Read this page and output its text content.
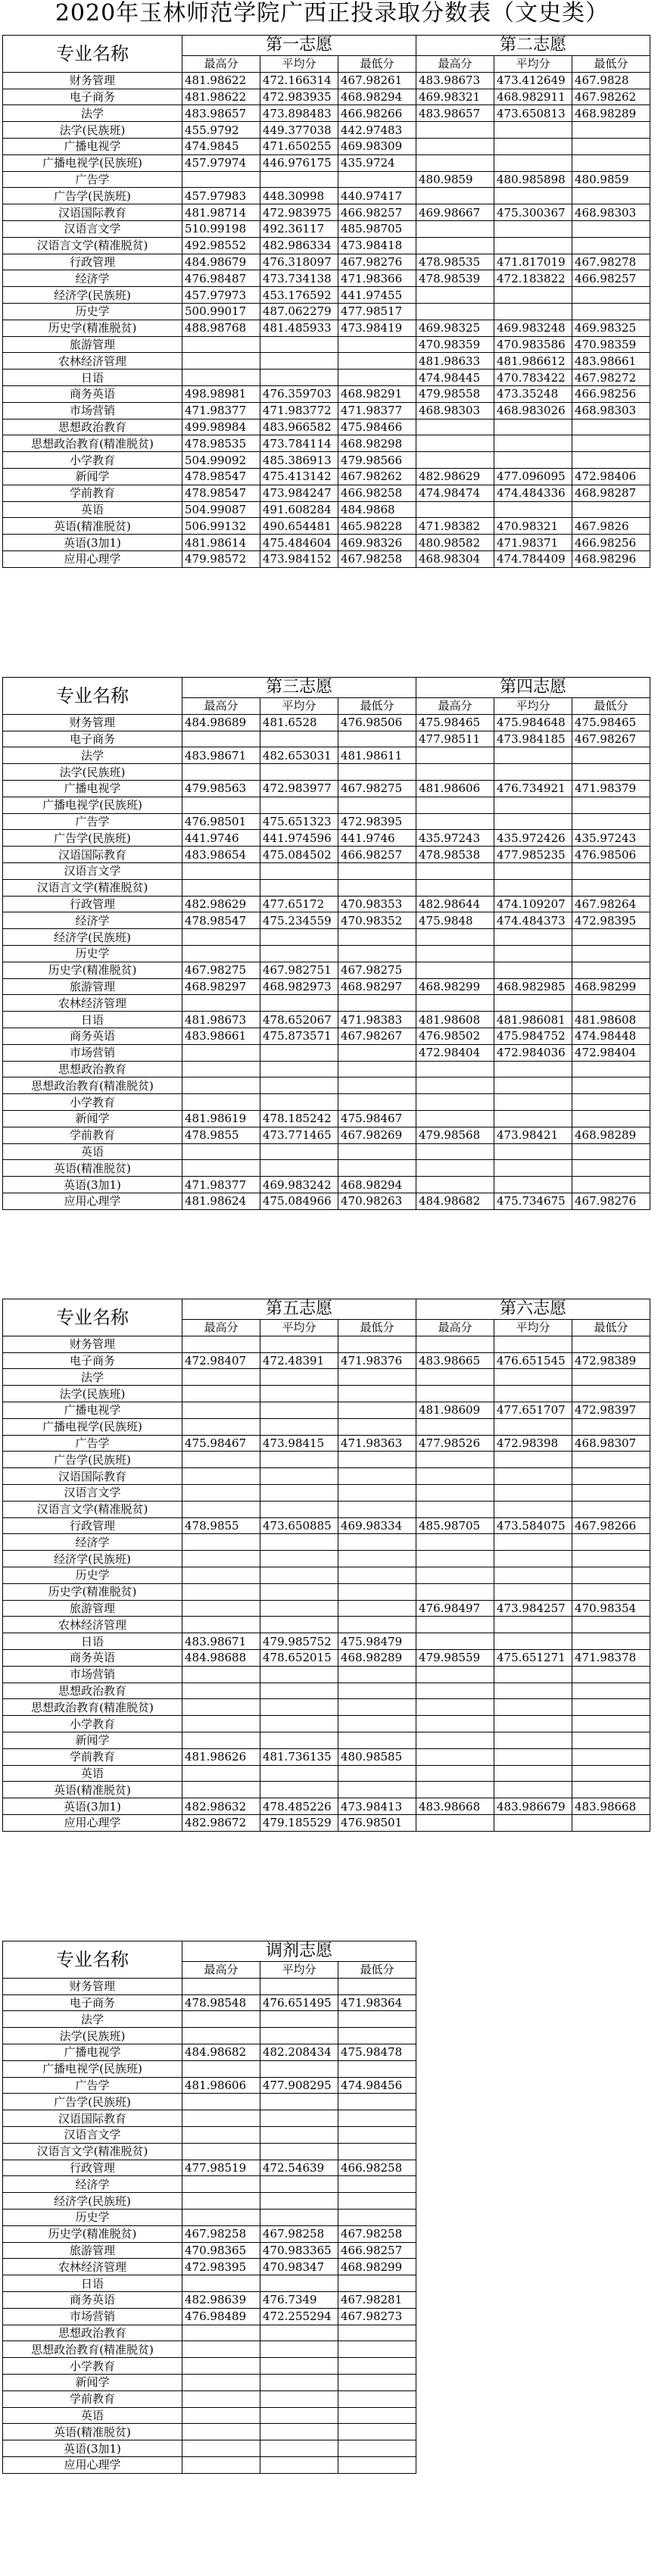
2020年玉林师范学院广西正投录取分数表（文史类）
专业名称	第一志愿			第二志愿		
	最高分	平均分	最低分	最高分	平均分	最低分
财务管理	481.98622	472.166314	467.98261	483.98673	473.412649	467.9828
电子商务	481.98622	472.983935	468.98294	469.98321	468.982911	467.98262
法学	483.98657	473.898483	466.98266	483.98657	473.650813	468.98289
法学(民族班)	455.9792	449.377038	442.97483			
广播电视学	474.9845	471.650255	469.98309			
广播电视学(民族班)	457.97974	446.976175	435.9724			
广告学				480.9859	480.985898	480.9859
广告学(民族班)	457.97983	448.30998	440.97417			
汉语国际教育	481.98714	472.983975	466.98257	469.98667	475.300367	468.98303
汉语言文学	510.99198	492.36117	485.98705			
汉语言文学(精准脱贫)	492.98552	482.986334	473.98418			
行政管理	484.98679	476.318097	467.98276	478.98535	471.817019	467.98278
经济学	476.98487	473.734138	471.98366	478.98539	472.183822	466.98257
经济学(民族班)	457.97973	453.176592	441.97455			
历史学	500.99017	487.062279	477.98517			
历史学(精准脱贫)	488.98768	481.485933	473.98419	469.98325	469.983248	469.98325
旅游管理				470.98359	470.983586	470.98359
农林经济管理				481.98633	481.986612	483.98661
日语				474.98445	470.783422	467.98272
商务英语	498.98981	476.359703	468.98291	479.98558	473.35248	466.98256
市场营销	471.98377	471.983772	471.98377	468.98303	468.983026	468.98303
思想政治教育	499.98984	483.966582	475.98466			
思想政治教育(精准脱贫)	478.98535	473.784114	468.98298			
小学教育	504.99092	485.386913	479.98566			
新闻学	478.98547	475.413142	467.98262	482.98629	477.096095	472.98406
学前教育	478.98547	473.984247	466.98258	474.98474	474.484336	468.98287
英语	504.99087	491.608284	484.9868			
英语(精准脱贫)	506.99132	490.654481	465.98228	471.98382	470.98321	467.9826
英语(3加1)	481.98614	475.484604	469.98326	480.98582	471.98371	466.98256
应用心理学	479.98572	473.984152	467.98258	468.98304	474.784409	468.98296
专业名称	第三志愿			第四志愿		
	最高分	平均分	最低分	最高分	平均分	最低分
财务管理	484.98689	481.6528	476.98506	475.98465	475.984648	475.98465
电子商务				477.98511	473.984185	467.98267
法学	483.98671	482.653031	481.98611			
法学(民族班)						
广播电视学	479.98563	472.983977	467.98275	481.98606	476.734921	471.98379
广播电视学(民族班)						
广告学	476.98501	475.651323	472.98395			
广告学(民族班)	441.9746	441.974596	441.9746	435.97243	435.972426	435.97243
汉语国际教育	483.98654	475.084502	466.98257	478.98538	477.985235	476.98506
汉语言文学						
汉语言文学(精准脱贫)						
行政管理	482.98629	477.65172	470.98353	482.98644	474.109207	467.98264
经济学	478.98547	475.234559	470.98352	475.9848	474.484373	472.98395
经济学(民族班)						
历史学						
历史学(精准脱贫)	467.98275	467.982751	467.98275			
旅游管理	468.98297	468.982973	468.98297	468.98299	468.982985	468.98299
农林经济管理						
日语	481.98673	478.652067	471.98383	481.98608	481.986081	481.98608
商务英语	483.98661	475.873571	467.98267	476.98502	475.984752	474.98448
市场营销				472.98404	472.984036	472.98404
思想政治教育						
思想政治教育(精准脱贫)						
小学教育						
新闻学	481.98619	478.185242	475.98467			
学前教育	478.9855	473.771465	467.98269	479.98568	473.98421	468.98289
英语						
英语(精准脱贫)						
英语(3加1)	471.98377	469.983242	468.98294			
应用心理学	481.98624	475.084966	470.98263	484.98682	475.734675	467.98276
专业名称	第五志愿			第六志愿		
	最高分	平均分	最低分	最高分	平均分	最低分
财务管理						
电子商务	472.98407	472.48391	471.98376	483.98665	476.651545	472.98389
法学						
法学(民族班)						
广播电视学				481.98609	477.651707	472.98397
广播电视学(民族班)						
广告学	475.98467	473.98415	471.98363	477.98526	472.98398	468.98307
广告学(民族班)						
汉语国际教育						
汉语言文学						
汉语言文学(精准脱贫)						
行政管理	478.9855	473.650885	469.98334	485.98705	473.584075	467.98266
经济学						
经济学(民族班)						
历史学						
历史学(精准脱贫)						
旅游管理				476.98497	473.984257	470.98354
农林经济管理						
日语	483.98671	479.985752	475.98479			
商务英语	484.98688	478.652015	468.98289	479.98559	475.651271	471.98378
市场营销						
思想政治教育						
思想政治教育(精准脱贫)						
小学教育						
新闻学						
学前教育	481.98626	481.736135	480.98585			
英语						
英语(精准脱贫)						
英语(3加1)	482.98632	478.485226	473.98413	483.98668	483.986679	483.98668
应用心理学	482.98672	479.185529	476.98501			
专业名称	调剂志愿		
	最高分	平均分	最低分
财务管理			
电子商务	478.98548	476.651495	471.98364
法学			
法学(民族班)			
广播电视学	484.98682	482.208434	475.98478
广播电视学(民族班)			
广告学	481.98606	477.908295	474.98456
广告学(民族班)			
汉语国际教育			
汉语言文学			
汉语言文学(精准脱贫)			
行政管理	477.98519	472.54639	466.98258
经济学			
经济学(民族班)			
历史学			
历史学(精准脱贫)	467.98258	467.98258	467.98258
旅游管理	470.98365	470.983365	466.98257
农林经济管理	472.98395	470.98347	468.98299
日语			
商务英语	482.98639	476.7349	467.98281
市场营销	476.98489	472.255294	467.98273
思想政治教育			
思想政治教育(精准脱贫)			
小学教育			
新闻学			
学前教育			
英语			
英语(精准脱贫)			
英语(3加1)			
应用心理学			
